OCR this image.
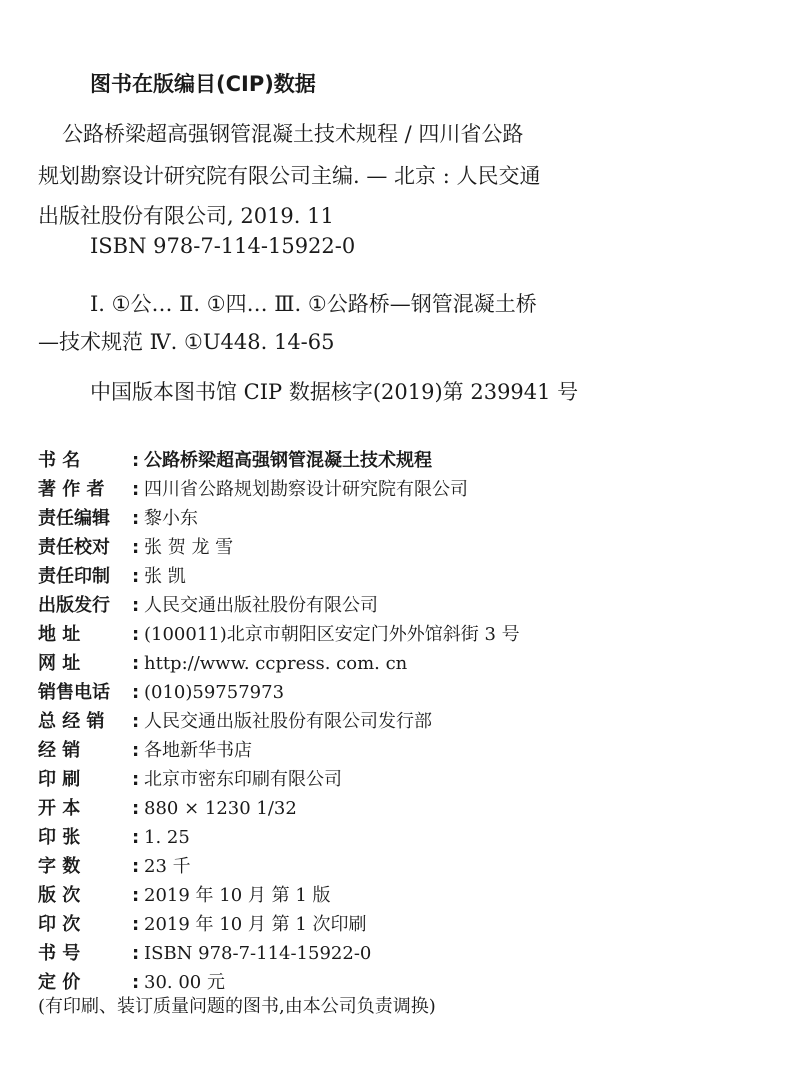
图书在版编目(CIP)数据
公路桥梁超高强钢管混凝土技术规程 / 四川省公路
规划勘察设计研究院有限公司主编. — 北京 : 人民交通
出版社股份有限公司, 2019. 11
ISBN 978-7-114-15922-0
Ⅰ. ①公… Ⅱ. ①四… Ⅲ. ①公路桥—钢管混凝土桥
—技术规范 Ⅳ. ①U448. 14-65
中国版本图书馆 CIP 数据核字(2019)第 239941 号
书 名	: 公路桥梁超高强钢管混凝土技术规程
著 作 者 : 四川省公路规划勘察设计研究院有限公司
责任编辑 : 黎小东
责任校对 : 张 贺 龙 雪
责任印制 : 张 凯
出版发行 : 人民交通出版社股份有限公司
地 址	: (100011)北京市朝阳区安定门外外馆斜街 3 号
网 址	: http://www. ccpress. com. cn
销售电话 : (010)59757973
总 经 销 : 人民交通出版社股份有限公司发行部
经 销	: 各地新华书店
印 刷	: 北京市密东印刷有限公司
开 本	: 880 × 1230 1/32
印 张	: 1. 25
字 数	: 23 千
版 次	: 2019 年 10 月 第 1 版
印 次	: 2019 年 10 月 第 1 次印刷
书 号	: ISBN 978-7-114-15922-0
定 价	: 30. 00 元
(有印刷、装订质量问题的图书,由本公司负责调换)
